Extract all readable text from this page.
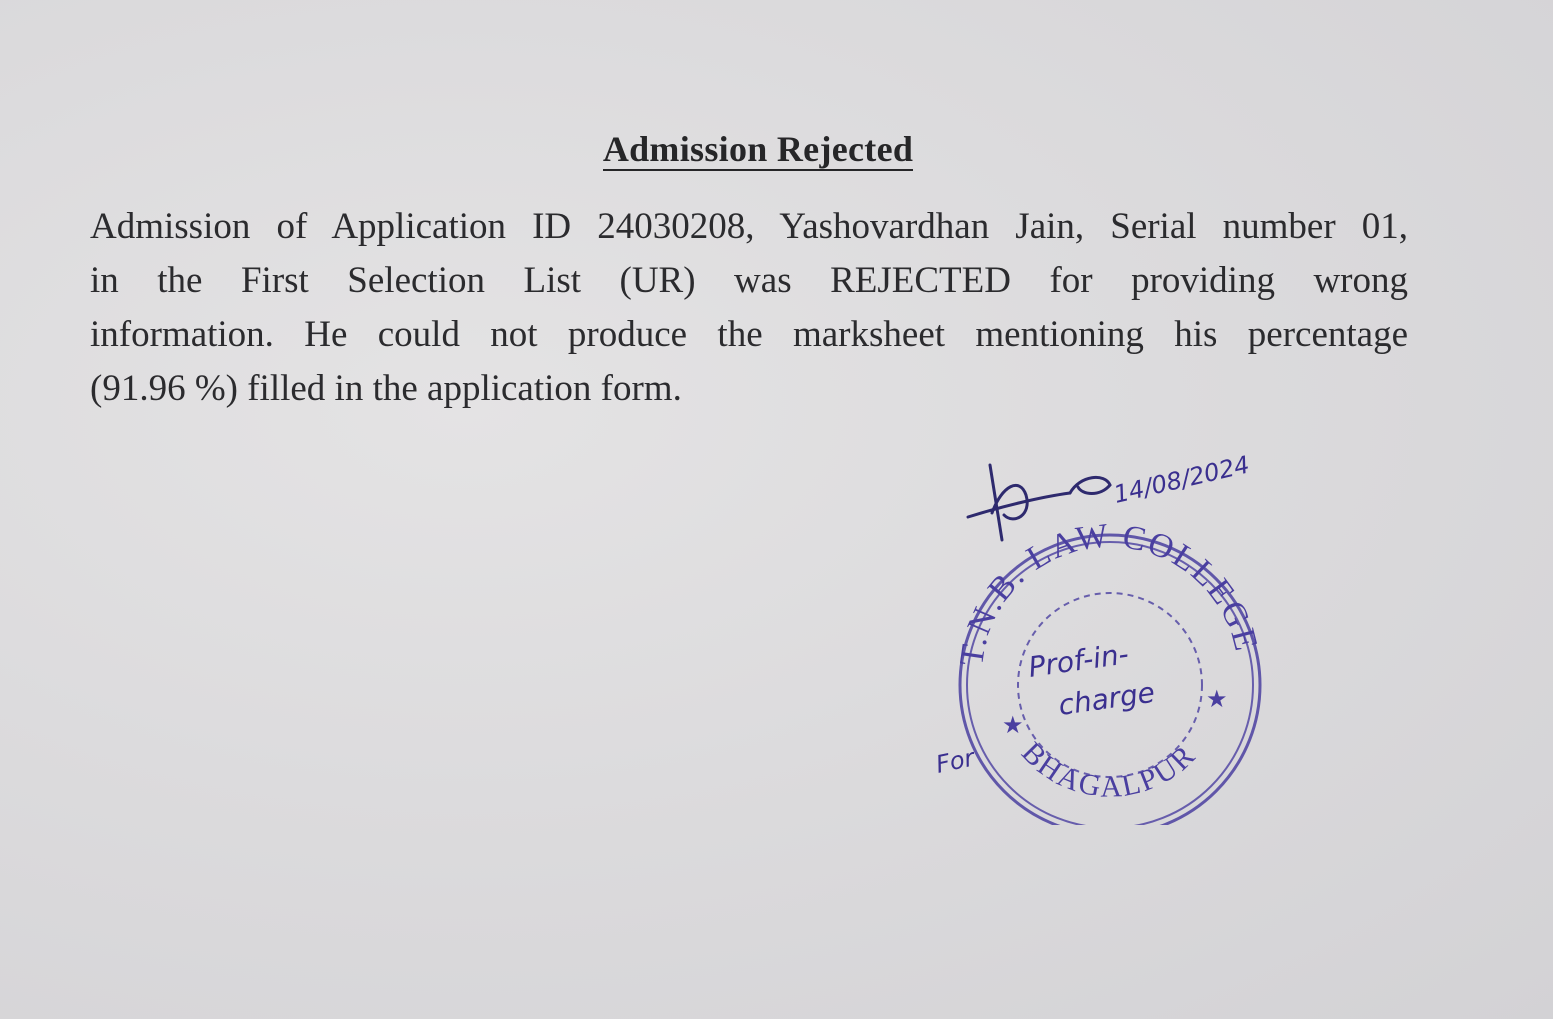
Admission Rejected
Admission of Application ID 24030208, Yashovardhan Jain, Serial number 01,
in the First Selection List (UR) was REJECTED for providing wrong
information. He could not produce the marksheet mentioning his percentage
(91.96 %) filled in the application form.
14/08/2024
T.N.B. LAW COLLEGE
BHAGALPUR
★
★
Prof-in-
charge
For
